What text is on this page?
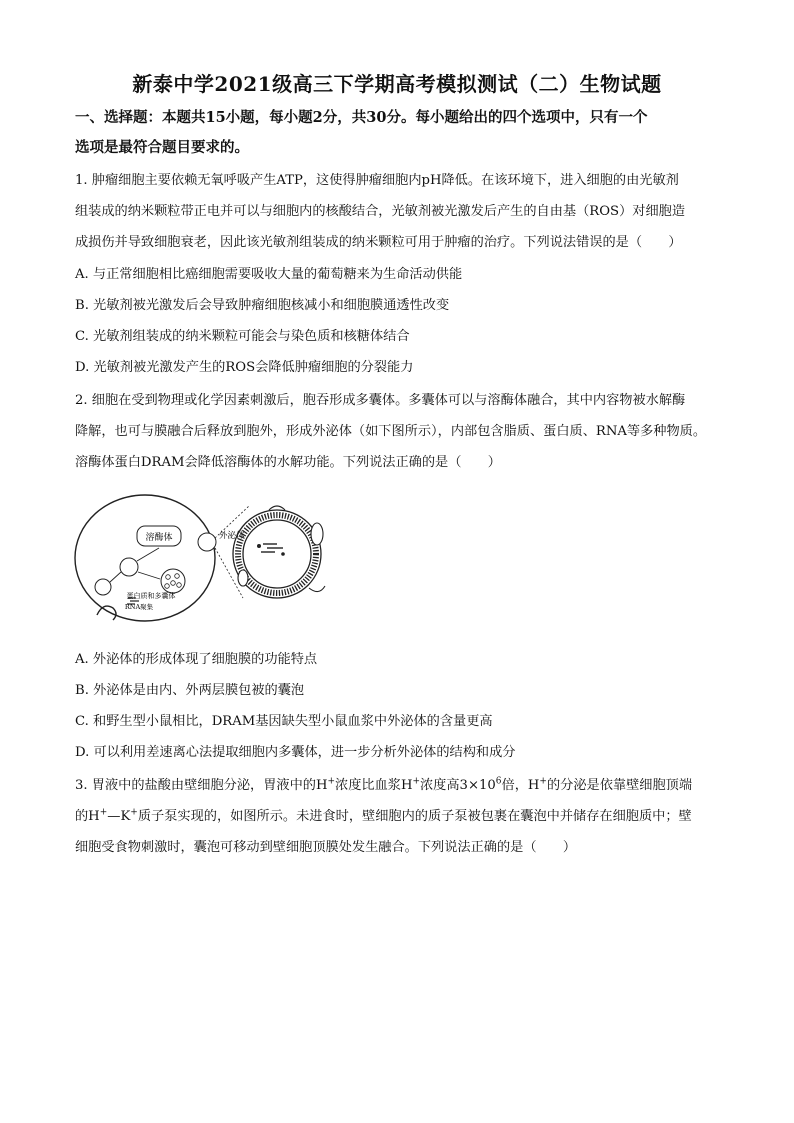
新泰中学2021级高三下学期高考模拟测试（二）生物试题
一、选择题：本题共15小题，每小题2分，共30分。每小题给出的四个选项中，只有一个
选项是最符合题目要求的。
1. 肿瘤细胞主要依赖无氧呼吸产生ATP，这使得肿瘤细胞内pH降低。在该环境下，进入细胞的由光敏剂
组装成的纳米颗粒带正电并可以与细胞内的核酸结合，光敏剂被光激发后产生的自由基（ROS）对细胞造
成损伤并导致细胞衰老，因此该光敏剂组装成的纳米颗粒可用于肿瘤的治疗。下列说法错误的是（　　）
A. 与正常细胞相比癌细胞需要吸收大量的葡萄糖来为生命活动供能
B. 光敏剂被光激发后会导致肿瘤细胞核减小和细胞膜通透性改变
C. 光敏剂组装成的纳米颗粒可能会与染色质和核糖体结合
D. 光敏剂被光激发产生的ROS会降低肿瘤细胞的分裂能力
2. 细胞在受到物理或化学因素刺激后，胞吞形成多囊体。多囊体可以与溶酶体融合，其中内容物被水解酶
降解，也可与膜融合后释放到胞外，形成外泌体（如下图所示），内部包含脂质、蛋白质、RNA等多种物质。
溶酶体蛋白DRAM会降低溶酶体的水解功能。下列说法正确的是（　　）
溶酶体
蛋白质和多囊体
RNA聚集
外泌体
A. 外泌体的形成体现了细胞膜的功能特点
B. 外泌体是由内、外两层膜包被的囊泡
C. 和野生型小鼠相比，DRAM基因缺失型小鼠血浆中外泌体的含量更高
D. 可以利用差速离心法提取细胞内多囊体，进一步分析外泌体的结构和成分
3. 胃液中的盐酸由壁细胞分泌，胃液中的H+浓度比血浆H+浓度高$3\times 10^6$倍，H+的分泌是依靠壁细胞顶端
的H+—K+质子泵实现的，如图所示。未进食时，壁细胞内的质子泵被包裹在囊泡中并储存在细胞质中；壁
细胞受食物刺激时，囊泡可移动到壁细胞顶膜处发生融合。下列说法正确的是（　　）
